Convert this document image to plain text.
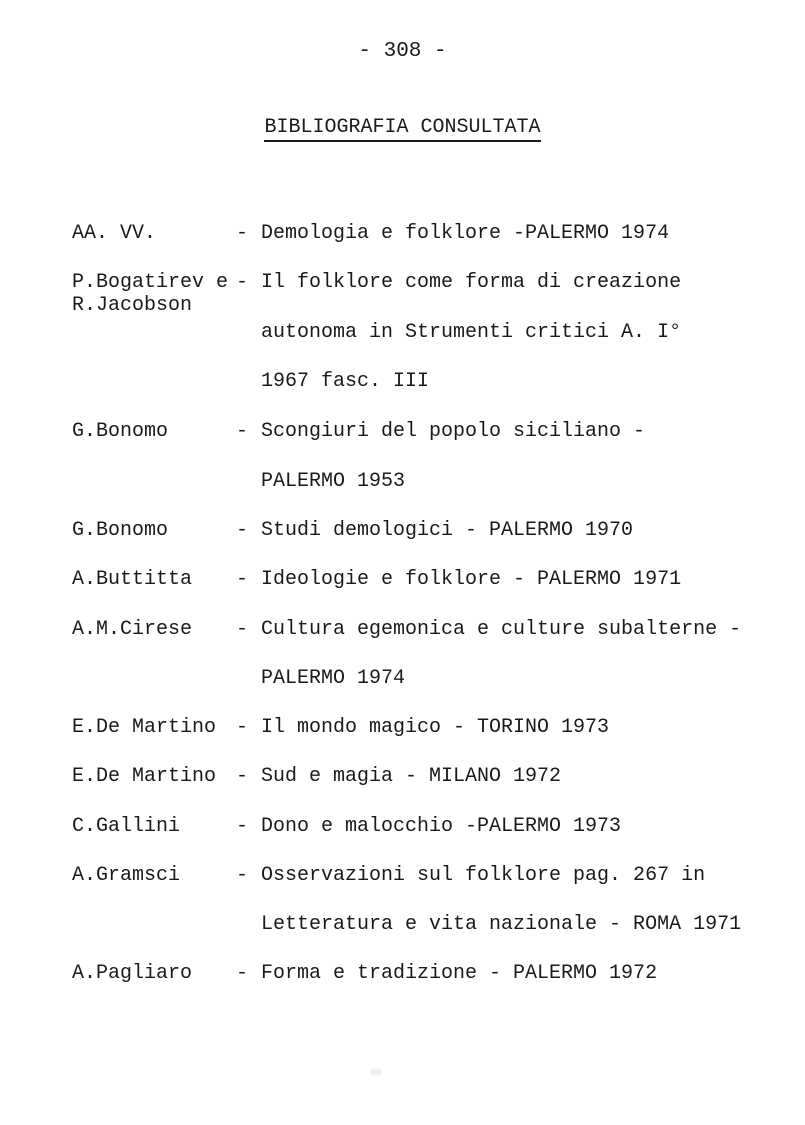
- 308 -
BIBLIOGRAFIA CONSULTATA
AA. VV.	- Demologia e folklore -PALERMO 1974
P.Bogatirev e
R.Jacobson
- Il folklore come forma di creazione
autonoma in Strumenti critici A. I°
1967 fasc. III
G.Bonomo	- Scongiuri del popolo siciliano -
PALERMO 1953
G.Bonomo	- Studi demologici - PALERMO 1970
A.Buttitta - Ideologie e folklore - PALERMO 1971
A.M.Cirese - Cultura egemonica e culture subalterne -
PALERMO 1974
E.De Martino - Il mondo magico - TORINO 1973
E.De Martino - Sud e magia - MILANO 1972
C.Gallini	- Dono e malocchio -PALERMO 1973
A.Gramsci	- Osservazioni sul folklore pag. 267 in
Letteratura e vita nazionale - ROMA 1971
A.Pagliaro - Forma e tradizione - PALERMO 1972
